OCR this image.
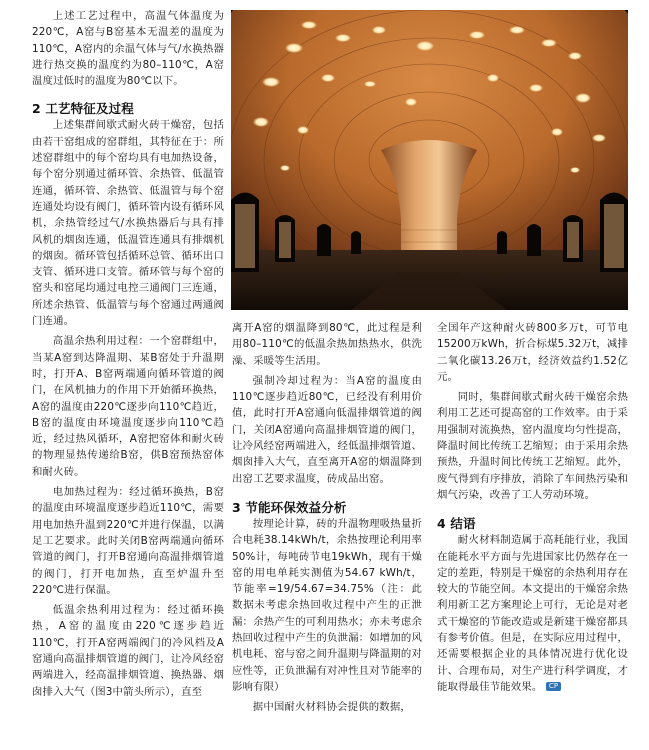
上述工艺过程中，高温气体温度为220℃，A窑与B窑基本无温差的温度为110℃，A窑内的余温气体与气/水换热器进行热交换的温度约为80–110℃，A窑温度过低时的温度为80℃以下。

2 工艺特征及过程

上述集群间歇式耐火砖干燥窑，包括由若干窑组成的窑群组，其特征在于：所述窑群组中的每个窑均具有电加热设备，每个窑分别通过循环管、余热管、低温管连通，循环管、余热管、低温管与每个窑连通处均设有阀门，循环管内设有循环风机，余热管经过气/水换热器后与具有排风机的烟囱连通，低温管连通具有排烟机的烟囱。循环管包括循环总管、循环出口支管、循环进口支管。循环管与每个窑的窑头和窑尾均通过电控三通阀门三连通，所述余热管、低温管与每个窑通过两通阀门连通。

高温余热利用过程：一个窑群组中，当某A窑到达降温期、某B窑处于升温期时，打开A、B窑两端通向循环管道的阀门，在风机抽力的作用下开始循环换热，A窑的温度由220℃逐步向110℃趋近，B窑的温度由环境温度逐步向110℃趋近，经过热风循环，A窑把窑体和耐火砖的物理显热传递给B窑，供B窑预热窑体和耐火砖。

电加热过程为：经过循环换热，B窑的温度由环境温度逐步趋近110℃，需要用电加热升温到220℃并进行保温，以满足工艺要求。此时关闭B窑两端通向循环管道的阀门，打开B窑通向高温排烟管道的阀门，打开电加热，直至炉温升至220℃进行保温。

低温余热利用过程为：经过循环换热，A窑的温度由220℃逐步趋近110℃，打开A窑两端阀门的冷风档及A窑通向高温排烟管道的阀门，让冷风经窑两端进入，经高温排烟管道、换热器、烟囱排入大气（图3中箭头所示），直至

离开A窑的烟温降到80℃，此过程是利用80–110℃的低温余热加热热水，供洗澡、采暖等生活用。

强制冷却过程为：当A窑的温度由110℃逐步趋近80℃，已经没有利用价值，此时打开A窑通向低温排烟管道的阀门，关闭A窑通向高温排烟管道的阀门，让冷风经窑两端进入，经低温排烟管道、烟囱排入大气，直至离开A窑的烟温降到出窑工艺要求温度，砖成品出窑。

3 节能环保效益分析

按理论计算，砖的升温物理吸热量折合电耗38.14kWh/t，余热按理论利用率50%计，每吨砖节电19kWh，现有干燥窑的用电单耗实测值为54.67 kWh/t，节能率=19/54.67=34.75%（注：此数据未考虑余热回收过程中产生的正泄漏：余热产生的可利用热水；亦未考虑余热回收过程中产生的负泄漏：如增加的风机电耗、窑与窑之间升温期与降温期的对应性等，正负泄漏有对冲性且对节能率的影响有限）

据中国耐火材料协会提供的数据，

全国年产这种耐火砖800多万t，可节电15200万kWh，折合标煤5.32万t，减排二氧化碳13.26万t，经济效益约1.52亿元。

同时，集群间歇式耐火砖干燥窑余热利用工艺还可提高窑的工作效率。由于采用强制对流换热，窑内温度均匀性提高，降温时间比传统工艺缩短；由于采用余热预热，升温时间比传统工艺缩短。此外，废气得到有序排放，消除了车间热污染和烟气污染，改善了工人劳动环境。

4 结语

耐火材料制造属于高耗能行业，我国在能耗水平方面与先进国家比仍然存在一定的差距，特别是干燥窑的余热利用存在较大的节能空间。本文提出的干燥窑余热利用新工艺方案理论上可行，无论是对老式干燥窑的节能改造或是新建干燥窑都具有参考价值。但是，在实际应用过程中，还需要根据企业的具体情况进行优化设计、合理布局，对生产进行科学调度，才能取得最佳节能效果。 CP
